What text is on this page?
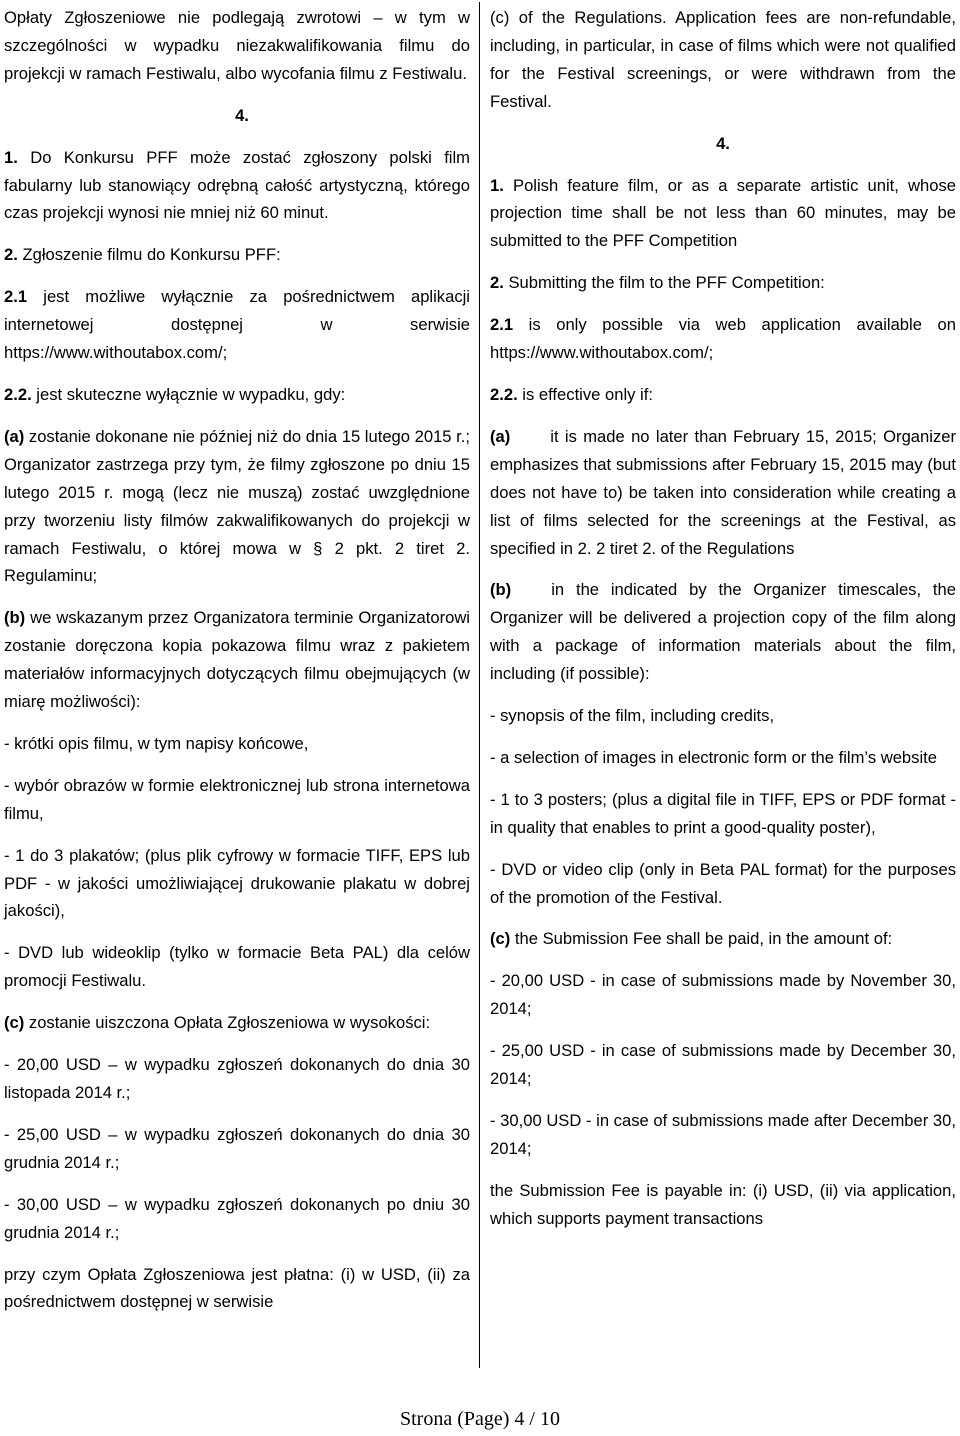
Opłaty Zgłoszeniowe nie podlegają zwrotowi – w tym w szczególności w wypadku niezakwalifikowania filmu do projekcji w ramach Festiwalu, albo wycofania filmu z Festiwalu.

4.

1. Do Konkursu PFF może zostać zgłoszony polski film fabularny lub stanowiący odrębną całość artystyczną, którego czas projekcji wynosi nie mniej niż 60 minut.

2. Zgłoszenie filmu do Konkursu PFF:

2.1 jest możliwe wyłącznie za pośrednictwem aplikacji internetowej dostępnej w serwisie https://www.withoutabox.com/;

2.2. jest skuteczne wyłącznie w wypadku, gdy:

(a) zostanie dokonane nie później niż do dnia 15 lutego 2015 r.; Organizator zastrzega przy tym, że filmy zgłoszone po dniu 15 lutego 2015 r. mogą (lecz nie muszą) zostać uwzględnione przy tworzeniu listy filmów zakwalifikowanych do projekcji w ramach Festiwalu, o której mowa w § 2 pkt. 2 tiret 2. Regulaminu;

(b) we wskazanym przez Organizatora terminie Organizatorowi zostanie doręczona kopia pokazowa filmu wraz z pakietem materiałów informacyjnych dotyczących filmu obejmujących (w miarę możliwości):

- krótki opis filmu, w tym napisy końcowe,

- wybór obrazów w formie elektronicznej lub strona internetowa filmu,

- 1 do 3 plakatów; (plus plik cyfrowy w formacie TIFF, EPS lub PDF - w jakości umożliwiającej drukowanie plakatu w dobrej jakości),

- DVD lub wideoklip (tylko w formacie Beta PAL) dla celów promocji Festiwalu.

(c) zostanie uiszczona Opłata Zgłoszeniowa w wysokości:

- 20,00 USD – w wypadku zgłoszeń dokonanych do dnia 30 listopada 2014 r.;

- 25,00 USD – w wypadku zgłoszeń dokonanych do dnia 30 grudnia 2014 r.;

- 30,00 USD – w wypadku zgłoszeń dokonanych po dniu 30 grudnia 2014 r.;

przy czym Opłata Zgłoszeniowa jest płatna: (i) w USD, (ii) za pośrednictwem dostępnej w serwisie

(c) of the Regulations. Application fees are non-refundable, including, in particular, in case of films which were not qualified for the Festival screenings, or were withdrawn from the Festival.

4.

1. Polish feature film, or as a separate artistic unit, whose projection time shall be not less than 60 minutes, may be submitted to the PFF Competition

2. Submitting the film to the PFF Competition:

2.1 is only possible via web application available on https://www.withoutabox.com/;

2.2. is effective only if:

(a) it is made no later than February 15, 2015; Organizer emphasizes that submissions after February 15, 2015 may (but does not have to) be taken into consideration while creating a list of films selected for the screenings at the Festival, as specified in 2. 2 tiret 2. of the Regulations

(b) in the indicated by the Organizer timescales, the Organizer will be delivered a projection copy of the film along with a package of information materials about the film, including (if possible):

- synopsis of the film, including credits,

- a selection of images in electronic form or the film’s website

- 1 to 3 posters; (plus a digital file in TIFF, EPS or PDF format - in quality that enables to print a good-quality poster),

- DVD or video clip (only in Beta PAL format) for the purposes of the promotion of the Festival.

(c) the Submission Fee shall be paid, in the amount of:

- 20,00 USD - in case of submissions made by November 30, 2014;

- 25,00 USD - in case of submissions made by December 30, 2014;

- 30,00 USD - in case of submissions made after December 30, 2014;

the Submission Fee is payable in: (i) USD, (ii) via application, which supports payment transactions

Strona (Page) 4 / 10
